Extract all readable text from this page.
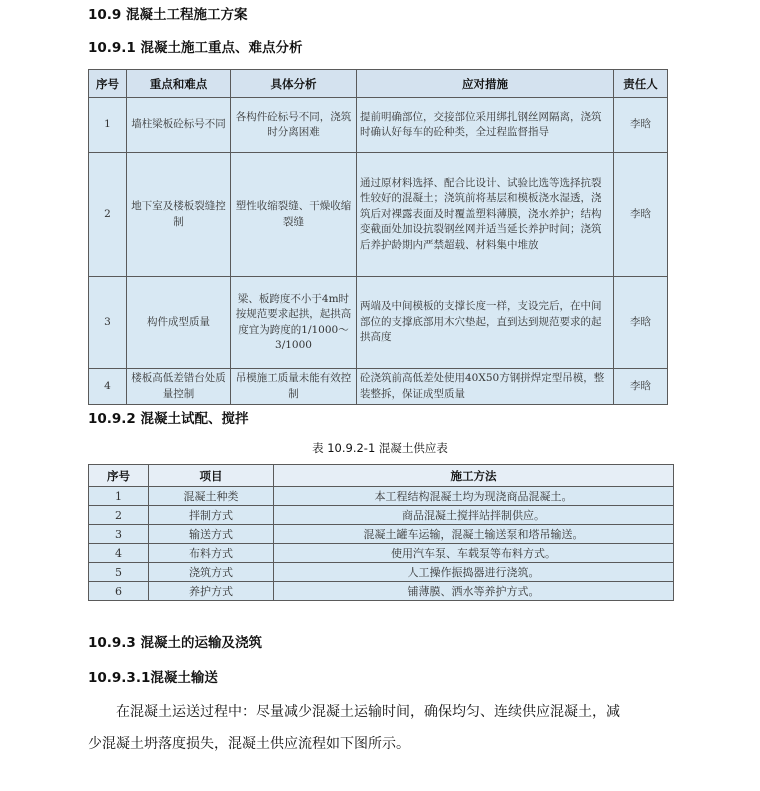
10.9 混凝土工程施工方案
10.9.1 混凝土施工重点、难点分析
序号	重点和难点	具体分析	应对措施	责任人
1	墙柱梁板砼标号不同	各构件砼标号不同，浇筑时分离困难	提前明确部位，交接部位采用绑扎钢丝网隔离，浇筑时确认好每车的砼种类，全过程监督指导	李晗
2	地下室及楼板裂缝控制	塑性收缩裂缝、干燥收缩裂缝	通过原材料选择、配合比设计、试验比选等选择抗裂性较好的混凝土；浇筑前将基层和模板浇水湿透，浇筑后对裸露表面及时覆盖塑料薄膜，浇水养护；结构变截面处加设抗裂钢丝网并适当延长养护时间；浇筑后养护龄期内严禁超载、材料集中堆放	李晗
3	构件成型质量	梁、板跨度不小于4m时按规范要求起拱，起拱高度宜为跨度的1/1000～3/1000	两端及中间模板的支撑长度一样，支设完后，在中间部位的支撑底部用木穴垫起，直到达到规范要求的起拱高度	李晗
4	楼板高低差错台处质量控制	吊模施工质量未能有效控制	砼浇筑前高低差处使用40X50方钢拼焊定型吊模，整装整拆，保证成型质量	李晗
10.9.2 混凝土试配、搅拌
表 10.9.2-1 混凝土供应表
序号	项目	施工方法
1	混凝土种类	本工程结构混凝土均为现浇商品混凝土。
2	拌制方式	商品混凝土搅拌站拌制供应。
3	输送方式	混凝土罐车运输，混凝土输送泵和塔吊输送。
4	布料方式	使用汽车泵、车载泵等布料方式。
5	浇筑方式	人工操作振捣器进行浇筑。
6	养护方式	铺薄膜、洒水等养护方式。
10.9.3 混凝土的运输及浇筑
10.9.3.1混凝土输送
在混凝土运送过程中：尽量减少混凝土运输时间，确保均匀、连续供应混凝土，减
少混凝土坍落度损失，混凝土供应流程如下图所示。
